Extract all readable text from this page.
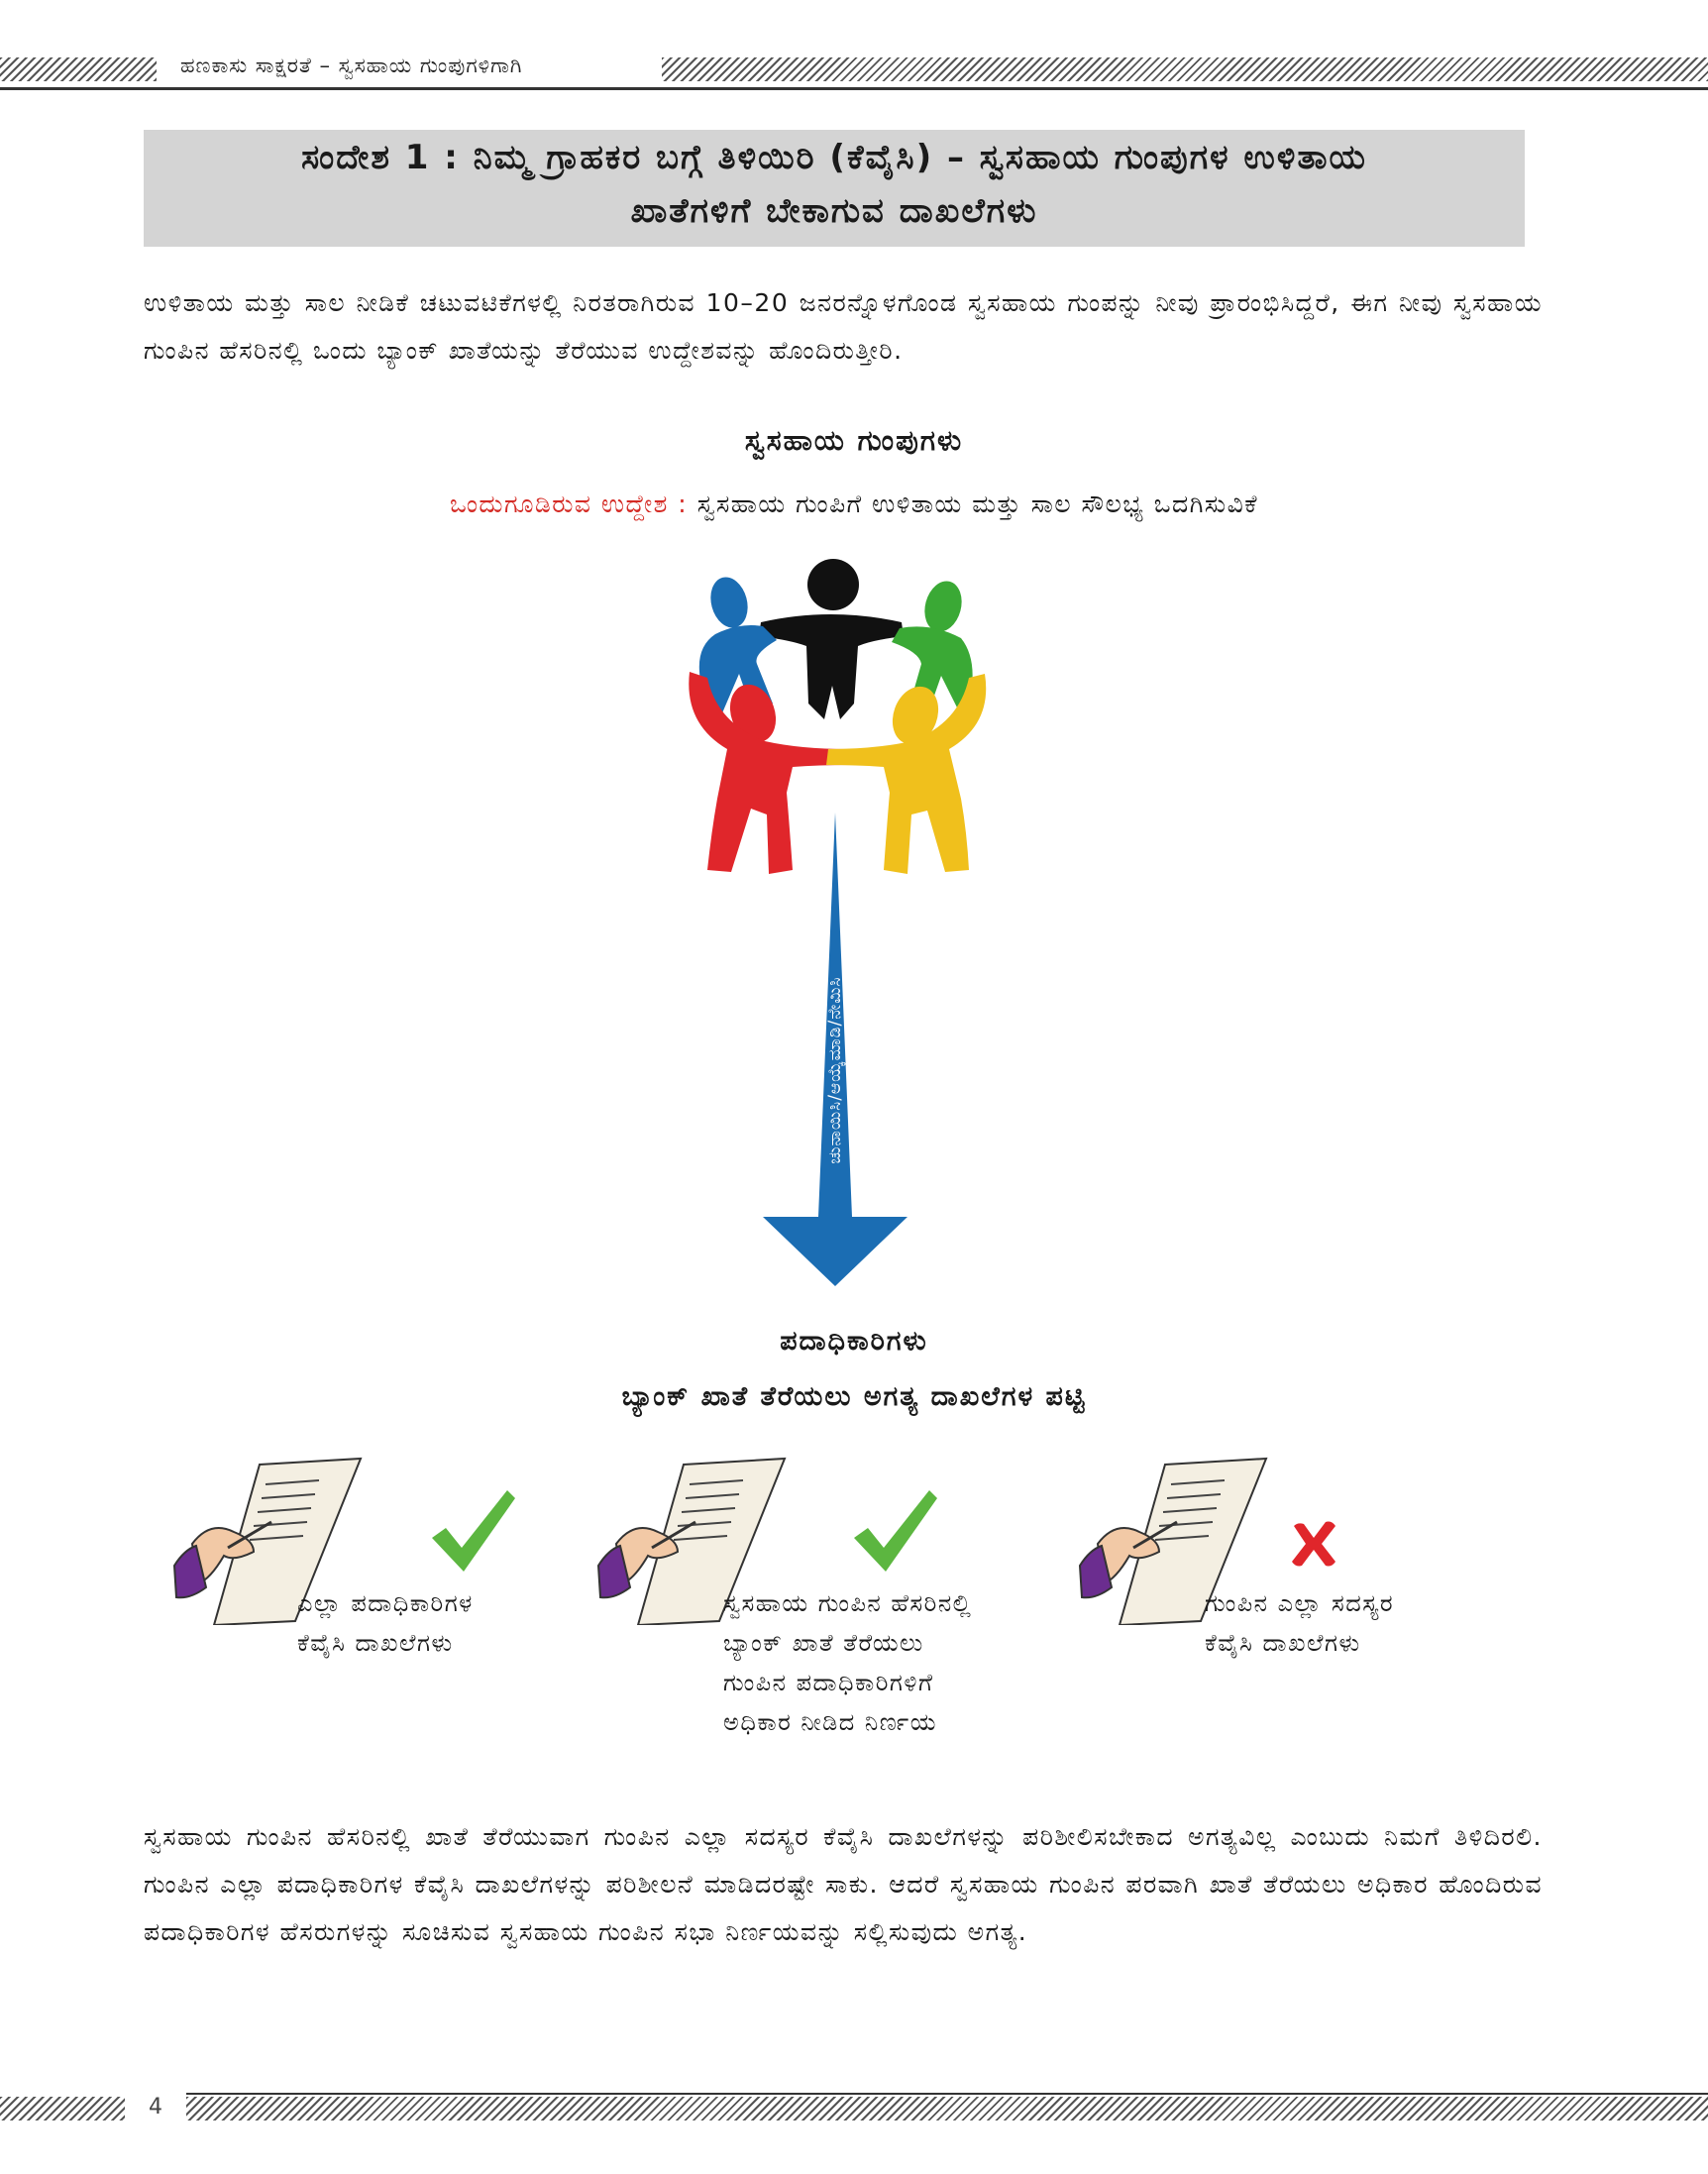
ಹಣಕಾಸು ಸಾಕ್ಷರತೆ – ಸ್ವಸಹಾಯ ಗುಂಪುಗಳಿಗಾಗಿ
ಸಂದೇಶ 1 : ನಿಮ್ಮ ಗ್ರಾಹಕರ ಬಗ್ಗೆ ತಿಳಿಯಿರಿ (ಕೆವೈಸಿ) – ಸ್ವಸಹಾಯ ಗುಂಪುಗಳ ಉಳಿತಾಯ
ಖಾತೆಗಳಿಗೆ ಬೇಕಾಗುವ ದಾಖಲೆಗಳು
ಉಳಿತಾಯ ಮತ್ತು ಸಾಲ ನೀಡಿಕೆ ಚಟುವಟಿಕೆಗಳಲ್ಲಿ ನಿರತರಾಗಿರುವ 10–20 ಜನರನ್ನೊಳಗೊಂಡ ಸ್ವಸಹಾಯ ಗುಂಪನ್ನು ನೀವು ಪ್ರಾರಂಭಿಸಿದ್ದರೆ, ಈಗ ನೀವು ಸ್ವಸಹಾಯ ಗುಂಪಿನ ಹೆಸರಿನಲ್ಲಿ ಒಂದು ಬ್ಯಾಂಕ್ ಖಾತೆಯನ್ನು ತೆರೆಯುವ ಉದ್ದೇಶವನ್ನು ಹೊಂದಿರುತ್ತೀರಿ.
ಸ್ವಸಹಾಯ ಗುಂಪುಗಳು
ಒಂದುಗೂಡಿರುವ ಉದ್ದೇಶ : ಸ್ವಸಹಾಯ ಗುಂಪಿಗೆ ಉಳಿತಾಯ ಮತ್ತು ಸಾಲ ಸೌಲಭ್ಯ ಒದಗಿಸುವಿಕೆ
ಚುನಾಯಿಸಿ/ಆಯ್ಕೆಮಾಡಿ/ನೇಮಿಸಿ
ಪದಾಧಿಕಾರಿಗಳು
ಬ್ಯಾಂಕ್ ಖಾತೆ ತೆರೆಯಲು ಅಗತ್ಯ ದಾಖಲೆಗಳ ಪಟ್ಟಿ
ಎಲ್ಲಾ ಪದಾಧಿಕಾರಿಗಳ
ಕೆವೈಸಿ ದಾಖಲೆಗಳು
ಸ್ವಸಹಾಯ ಗುಂಪಿನ ಹೆಸರಿನಲ್ಲಿ
ಬ್ಯಾಂಕ್ ಖಾತೆ ತೆರೆಯಲು
ಗುಂಪಿನ ಪದಾಧಿಕಾರಿಗಳಿಗೆ
ಅಧಿಕಾರ ನೀಡಿದ ನಿರ್ಣಯ
ಗುಂಪಿನ ಎಲ್ಲಾ ಸದಸ್ಯರ
ಕೆವೈಸಿ ದಾಖಲೆಗಳು
ಸ್ವಸಹಾಯ ಗುಂಪಿನ ಹೆಸರಿನಲ್ಲಿ ಖಾತೆ ತೆರೆಯುವಾಗ ಗುಂಪಿನ ಎಲ್ಲಾ ಸದಸ್ಯರ ಕೆವೈಸಿ ದಾಖಲೆಗಳನ್ನು ಪರಿಶೀಲಿಸಬೇಕಾದ ಅಗತ್ಯವಿಲ್ಲ ಎಂಬುದು ನಿಮಗೆ ತಿಳಿದಿರಲಿ. ಗುಂಪಿನ ಎಲ್ಲಾ ಪದಾಧಿಕಾರಿಗಳ ಕೆವೈಸಿ ದಾಖಲೆಗಳನ್ನು ಪರಿಶೀಲನೆ ಮಾಡಿದರಷ್ಟೇ ಸಾಕು. ಆದರೆ ಸ್ವಸಹಾಯ ಗುಂಪಿನ ಪರವಾಗಿ ಖಾತೆ ತೆರೆಯಲು ಅಧಿಕಾರ ಹೊಂದಿರುವ ಪದಾಧಿಕಾರಿಗಳ ಹೆಸರುಗಳನ್ನು ಸೂಚಿಸುವ ಸ್ವಸಹಾಯ ಗುಂಪಿನ ಸಭಾ ನಿರ್ಣಯವನ್ನು ಸಲ್ಲಿಸುವುದು ಅಗತ್ಯ.
4
